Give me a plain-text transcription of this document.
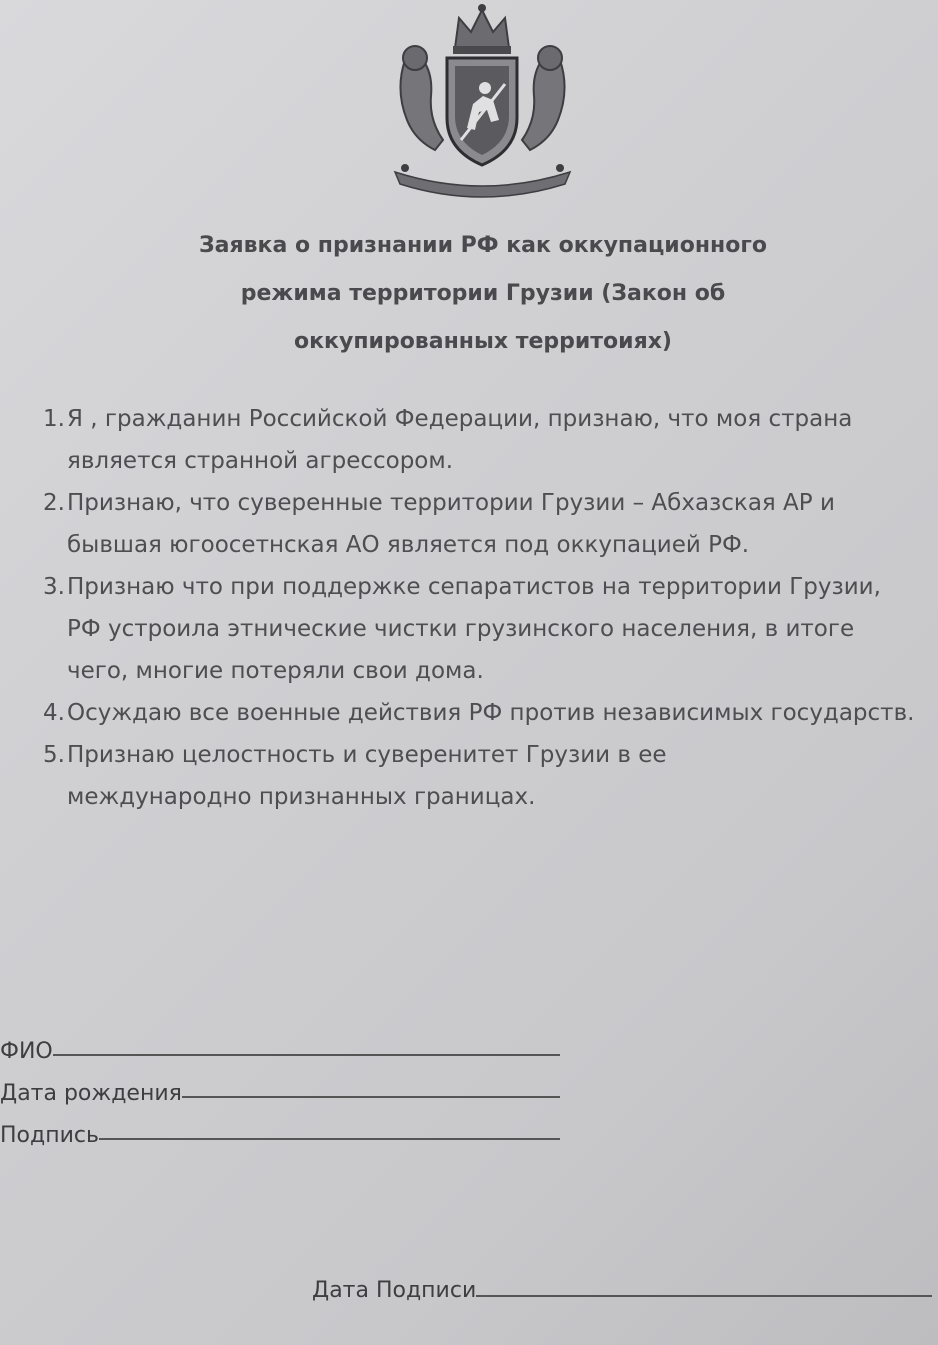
Заявка о признании РФ как оккупационного
режима территории Грузии (Закон об
оккупированных территоиях)
1. Я , гражданин Российской Федерации, признаю, что моя страна является странной агрессором.
2. Признаю, что суверенные территории Грузии – Абхазская АР и бывшая югоосетнская АО является под оккупацией РФ.
3. Признаю что при поддержке сепаратистов на территории Грузии, РФ устроила этнические чистки грузинского населения, в итоге чего, многие потеряли свои дома.
4. Осуждаю все военные действия РФ против независимых государств.
5. Признаю целостность и суверенитет Грузии в ее международно признанных границах.
ФИО
Дата рождения
Подпись
Дата Подписи
